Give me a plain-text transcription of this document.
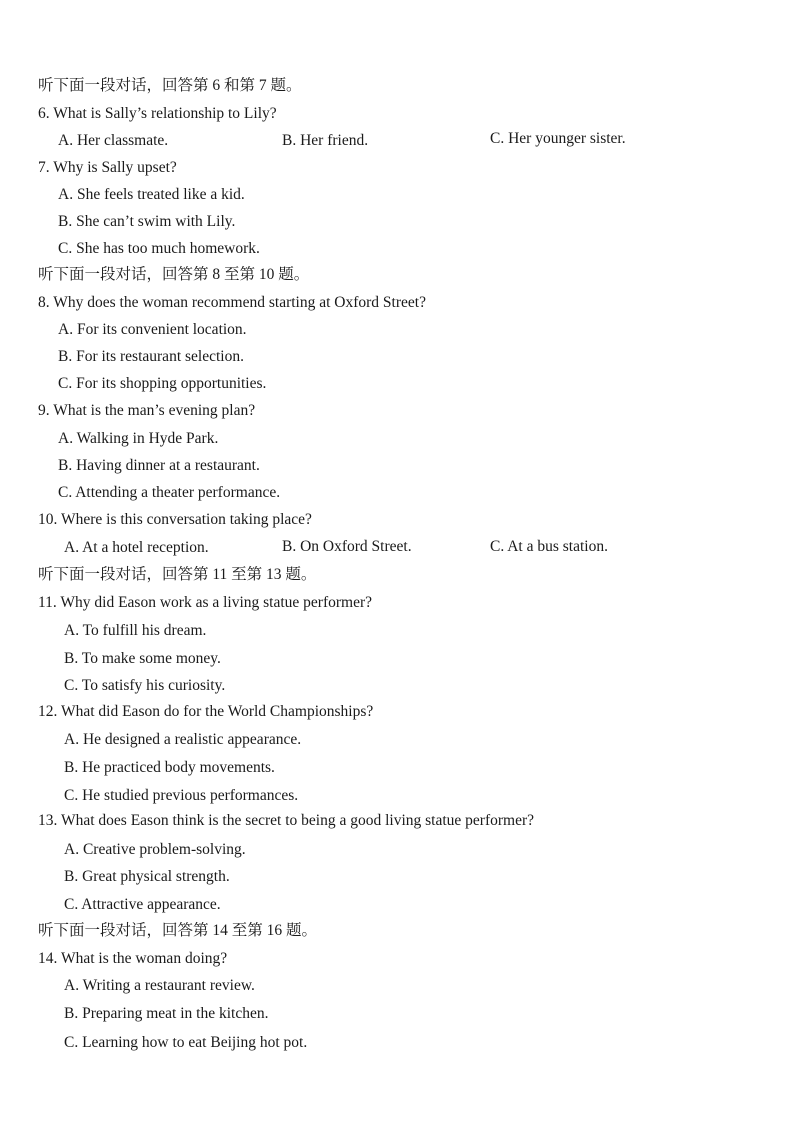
听下面一段对话，回答第 6 和第 7 题。
6. What is Sally’s relationship to Lily?
A. Her classmate.	B. Her friend.	C. Her younger sister.
7. Why is Sally upset?
A. She feels treated like a kid.
B. She can’t swim with Lily.
C. She has too much homework.
听下面一段对话，回答第 8 至第 10 题。
8. Why does the woman recommend starting at Oxford Street?
A. For its convenient location.
B. For its restaurant selection.
C. For its shopping opportunities.
9. What is the man’s evening plan?
A. Walking in Hyde Park.
B. Having dinner at a restaurant.
C. Attending a theater performance.
10. Where is this conversation taking place?
A. At a hotel reception.	B. On Oxford Street.	C. At a bus station.
听下面一段对话，回答第 11 至第 13 题。
11. Why did Eason work as a living statue performer?
A. To fulfill his dream.
B. To make some money.
C. To satisfy his curiosity.
12. What did Eason do for the World Championships?
A. He designed a realistic appearance.
B. He practiced body movements.
C. He studied previous performances.
13. What does Eason think is the secret to being a good living statue performer?
A. Creative problem-solving.
B. Great physical strength.
C. Attractive appearance.
听下面一段对话，回答第 14 至第 16 题。
14. What is the woman doing?
A. Writing a restaurant review.
B. Preparing meat in the kitchen.
C. Learning how to eat Beijing hot pot.
